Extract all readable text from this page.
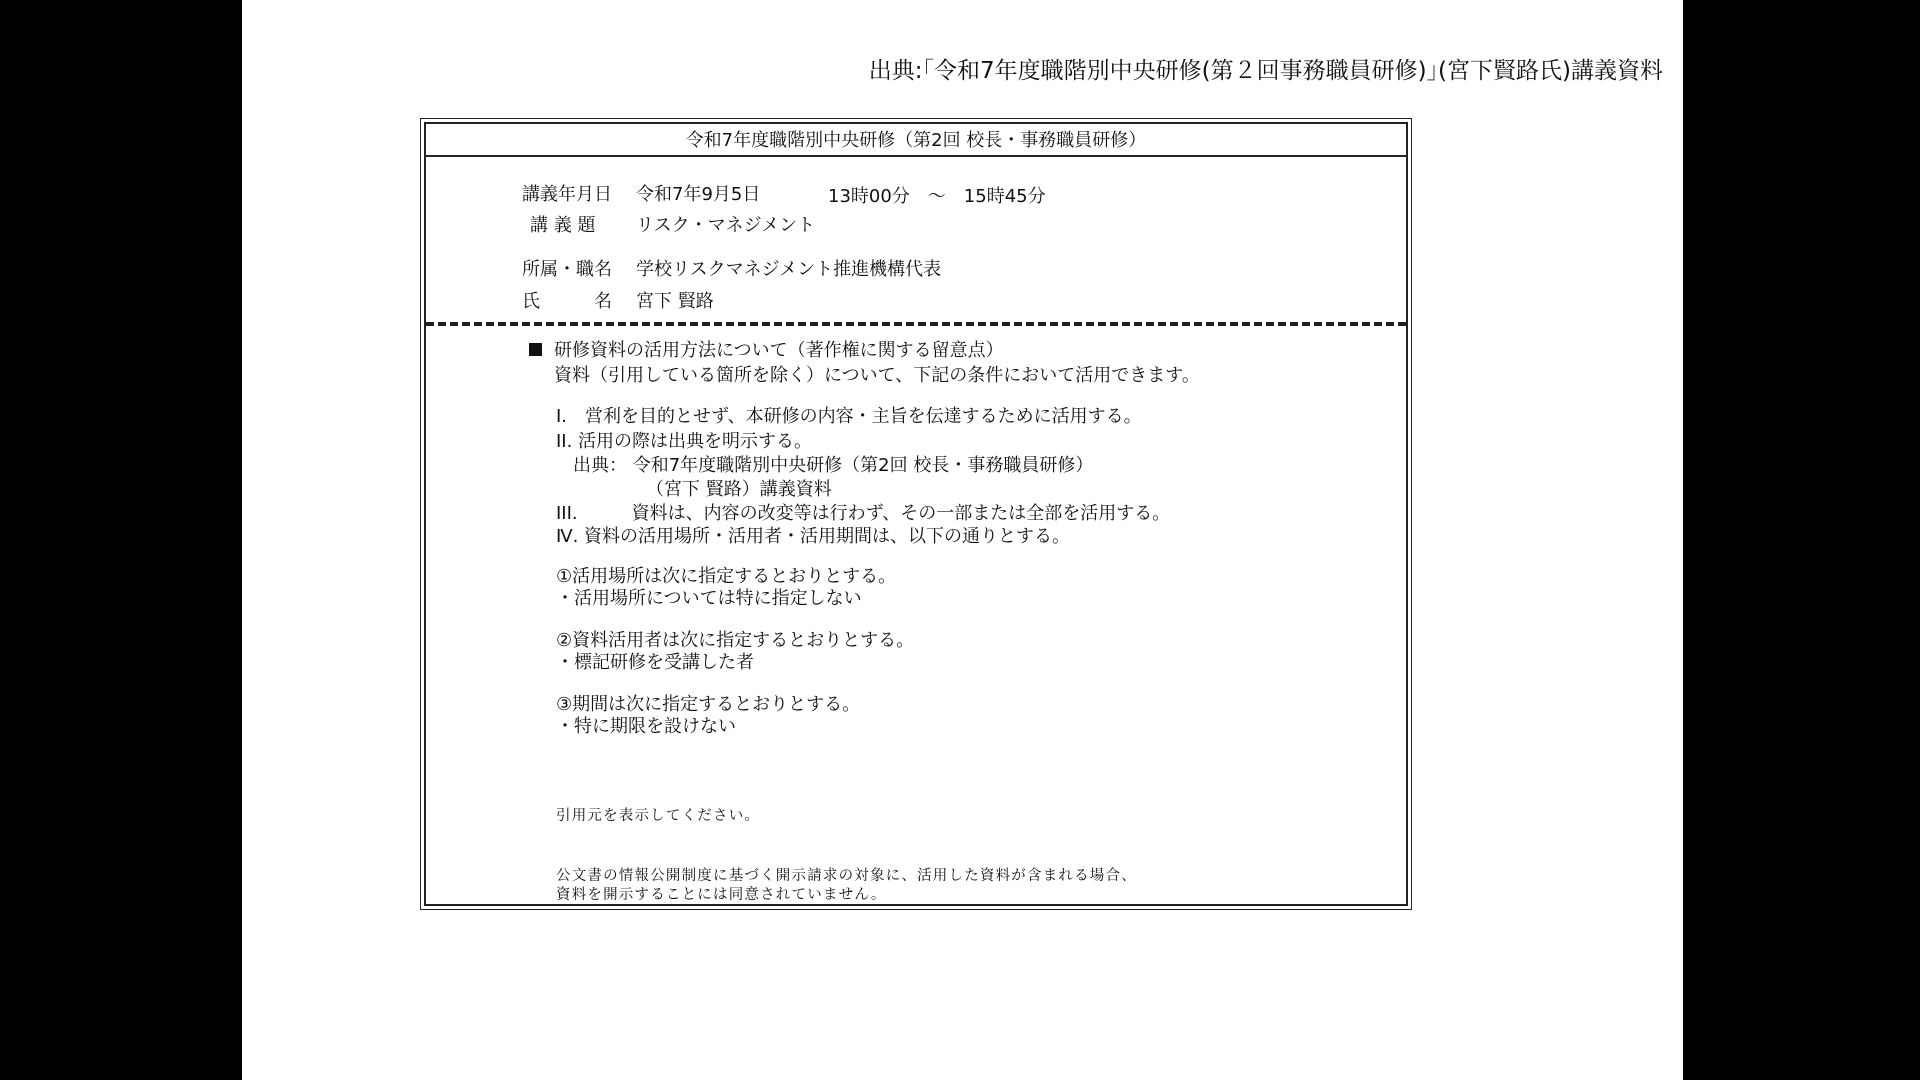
出典:｢令和7年度職階別中央研修(第２回事務職員研修)｣(宮下賢路氏)講義資料
令和7年度職階別中央研修（第2回 校長・事務職員研修）
講義年月日 令和7年9月5日	13時00分　～　15時45分
講 義 題 リスク・マネジメント
所属・職名 学校リスクマネジメント推進機構代表
氏　　　名 宮下 賢路
研修資料の活用方法について（著作権に関する留意点）
資料（引用している箇所を除く）について、下記の条件において活用できます。
I.　営利を目的とせず、本研修の内容・主旨を伝達するために活用する。
II. 活用の際は出典を明示する。
出典： 令和7年度職階別中央研修（第2回 校長・事務職員研修）
（宮下 賢路）講義資料
III.　　　資料は、内容の改変等は行わず、その一部または全部を活用する。
Ⅳ. 資料の活用場所・活用者・活用期間は、以下の通りとする。
①活用場所は次に指定するとおりとする。
・活用場所については特に指定しない
②資料活用者は次に指定するとおりとする。
・標記研修を受講した者
③期間は次に指定するとおりとする。
・特に期限を設けない
引用元を表示してください。
公文書の情報公開制度に基づく開示請求の対象に、活用した資料が含まれる場合、
資料を開示することには同意されていません。
